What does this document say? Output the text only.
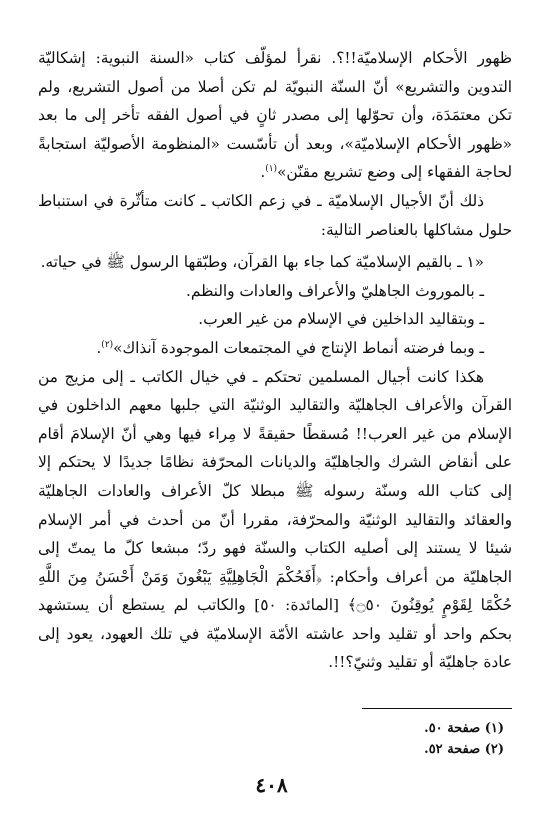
ظهور الأحكام الإسلاميّة!!؟. نقرأ لمؤلّف كتاب «السنة النبوية: إشكاليّة التدوين والتشريع» أنّ السنّة النبويّة لم تكن أصلا من أصول التشريع، ولم تكن معتمَدَة، وأن تحوّلها إلى مصدر ثانٍ في أصول الفقه تأخر إلى ما بعد «ظهور الأحكام الإسلاميّة»، وبعد أن تأسّست «المنظومة الأصوليّة استجابةً لحاجة الفقهاء إلى وضع تشريع مقنّن»$^{(١)}$.

ذلك أنّ الأجيال الإسلاميّة ـ في زعم الكاتب ـ كانت متأثّرة في استنباط حلول مشاكلها بالعناصر التالية:

«١ ـ بالقيم الإسلاميّة كما جاء بها القرآن، وطبّقها الرسول ﷺ في حياته.

ـ بالموروث الجاهليّ والأعراف والعادات والنظم.

ـ وبتقاليد الداخلين في الإسلام من غير العرب.

ـ وبما فرضته أنماط الإنتاج في المجتمعات الموجودة آنذاك»$^{(٢)}$.

هكذا كانت أجيال المسلمين تحتكم ـ في خيال الكاتب ـ إلى مزيج من القرآن والأعراف الجاهليّة والتقاليد الوثنيّة التي جلبها معهم الداخلون في الإسلام من غير العرب!! مُسقطًا حقيقةً لا مِراء فيها وهي أنّ الإسلامَ أقام على أنقاض الشرك والجاهليّة والديانات المحرّفة نظامًا جديدًا لا يحتكم إلا إلى كتاب الله وسنّة رسوله ﷺ مبطلا كلّ الأعراف والعادات الجاهليّة والعقائد والتقاليد الوثنيّة والمحرّفة، مقررا أنّ من أحدث في أمر الإسلام شيئا لا يستند إلى أصليه الكتاب والسنّة فهو ردّ؛ مبشعا كلّ ما يمتّ إلى الجاهليّة من أعراف وأحكام: ﴿أَفَحُكْمَ الْجَاهِلِيَّةِ يَبْغُونَ وَمَنْ أَحْسَنُ مِنَ اللَّهِ حُكْمًا لِقَوْمٍ يُوقِنُونَ ۝٥٠﴾ [المائدة: ٥٠] والكاتب لم يستطع أن يستشهد بحكم واحد أو تقليد واحد عاشته الأمّة الإسلاميّة في تلك العهود، يعود إلى عادة جاهليّة أو تقليد وثنيّ؟!!.

(١) صفحة ٥٠.
(٢) صفحة ٥٢.
٤٠٨
